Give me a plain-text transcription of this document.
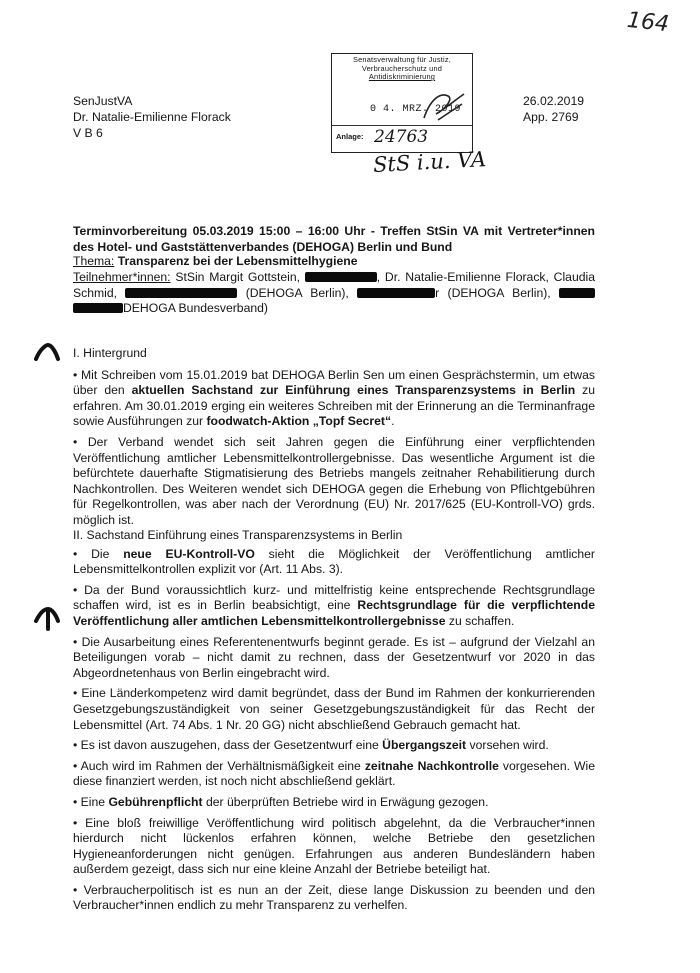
164
SenJustVA
Dr. Natalie-Emilienne Florack
V B 6
Senatsverwaltung für Justiz,
Verbraucherschutz und
Antidiskriminierung
0 4. MRZ. 2019
Anlage: 24763
StS i.u. VA
26.02.2019
App. 2769
Terminvorbereitung 05.03.2019 15:00 – 16:00 Uhr - Treffen StSin VA mit Vertreter*innen des Hotel- und Gaststättenverbandes (DEHOGA) Berlin und Bund
Thema: Transparenz bei der Lebensmittelhygiene
Teilnehmer*innen: StSin Margit Gottstein,	, Dr. Natalie-Emilienne Florack, Claudia Schmid,	(DEHOGA Berlin),	r (DEHOGA Berlin),  DEHOGA Bundesverband)
I. Hintergrund

• Mit Schreiben vom 15.01.2019 bat DEHOGA Berlin Sen um einen Gesprächstermin, um etwas über den aktuellen Sachstand zur Einführung eines Transparenzsystems in Berlin zu erfahren. Am 30.01.2019 erging ein weiteres Schreiben mit der Erinnerung an die Terminanfrage sowie Ausführungen zur foodwatch-Aktion „Topf Secret“.

• Der Verband wendet sich seit Jahren gegen die Einführung einer verpflichtenden Veröffentlichung amtlicher Lebensmittelkontrollergebnisse. Das wesentliche Argument ist die befürchtete dauerhafte Stigmatisierung des Betriebs mangels zeitnaher Rehabilitierung durch Nachkontrollen. Des Weiteren wendet sich DEHOGA gegen die Erhebung von Pflichtgebühren für Regelkontrollen, was aber nach der Verordnung (EU) Nr. 2017/625 (EU-Kontroll-VO) grds. möglich ist.

II. Sachstand Einführung eines Transparenzsystems in Berlin

• Die neue EU-Kontroll-VO sieht die Möglichkeit der Veröffentlichung amtlicher Lebensmittelkontrollen explizit vor (Art. 11 Abs. 3).

• Da der Bund voraussichtlich kurz- und mittelfristig keine entsprechende Rechtsgrundlage schaffen wird, ist es in Berlin beabsichtigt, eine Rechtsgrundlage für die verpflichtende Veröffentlichung aller amtlichen Lebensmittelkontrollergebnisse zu schaffen.

• Die Ausarbeitung eines Referentenentwurfs beginnt gerade. Es ist – aufgrund der Vielzahl an Beteiligungen vorab – nicht damit zu rechnen, dass der Gesetzentwurf vor 2020 in das Abgeordnetenhaus von Berlin eingebracht wird.

• Eine Länderkompetenz wird damit begründet, dass der Bund im Rahmen der konkurrierenden Gesetzgebungszuständigkeit von seiner Gesetzgebungszuständigkeit für das Recht der Lebensmittel (Art. 74 Abs. 1 Nr. 20 GG) nicht abschließend Gebrauch gemacht hat.

• Es ist davon auszugehen, dass der Gesetzentwurf eine Übergangszeit vorsehen wird.

• Auch wird im Rahmen der Verhältnismäßigkeit eine zeitnahe Nachkontrolle vorgesehen. Wie diese finanziert werden, ist noch nicht abschließend geklärt.

• Eine Gebührenpflicht der überprüften Betriebe wird in Erwägung gezogen.

• Eine bloß freiwillige Veröffentlichung wird politisch abgelehnt, da die Verbraucher*innen hierdurch nicht lückenlos erfahren können, welche Betriebe den gesetzlichen Hygieneanforderungen nicht genügen. Erfahrungen aus anderen Bundesländern haben außerdem gezeigt, dass sich nur eine kleine Anzahl der Betriebe beteiligt hat.

• Verbraucherpolitisch ist es nun an der Zeit, diese lange Diskussion zu beenden und den Verbraucher*innen endlich zu mehr Transparenz zu verhelfen.
